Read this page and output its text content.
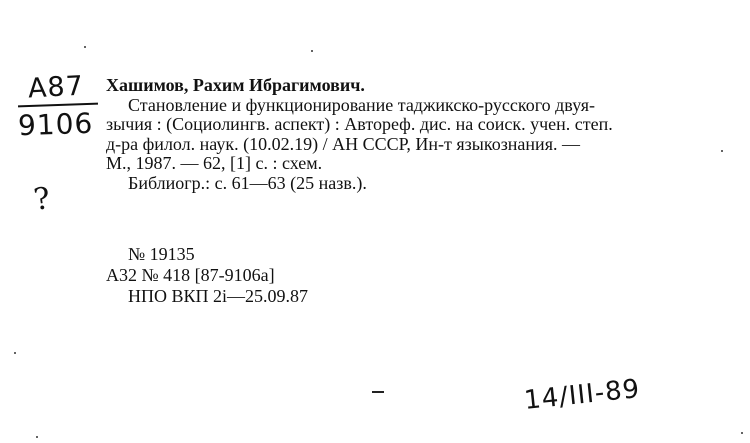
A87
9106
?
Хашимов, Рахим Ибрагимович.
Становление и функционирование таджикско-русского двуя-
зычия : (Социолингв. аспект) : Автореф. дис. на соиск. учен. степ.
д-ра филол. наук. (10.02.19) / АН СССР, Ин-т языкознания. —
М., 1987. — 62, [1] с. : схем.
Библиогр.: с. 61—63 (25 назв.).
№ 19135
А32 № 418 [87-9106а]
НПО ВКП 2i—25.09.87
14/III-89
